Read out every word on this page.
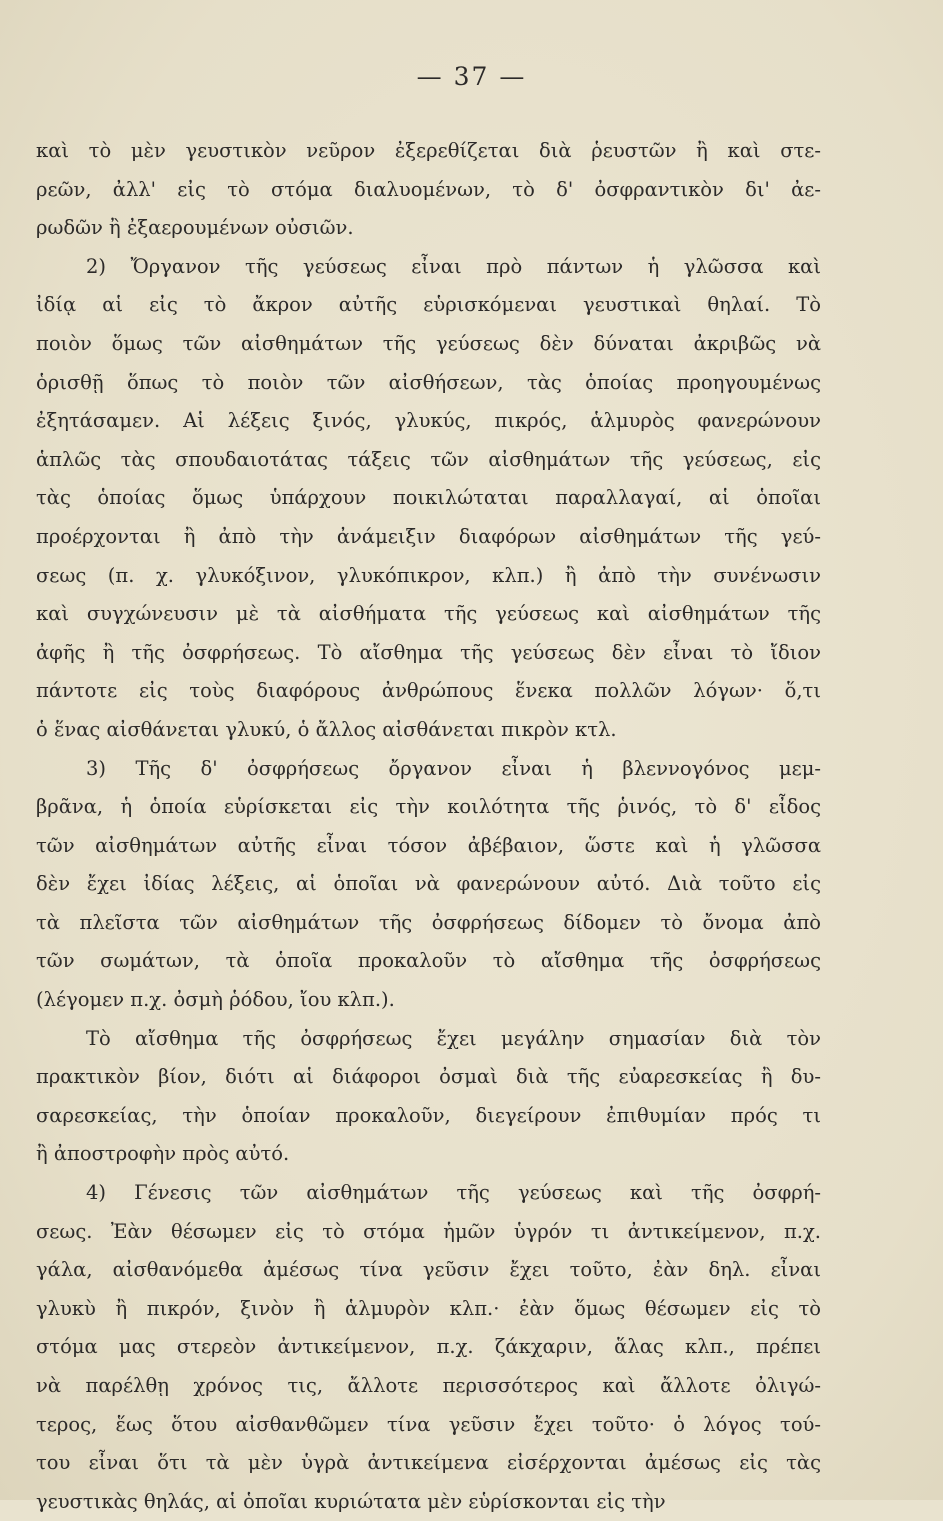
— 37 —
καὶ τὸ μὲν γευστικὸν νεῦρον ἐξερεθίζεται διὰ ῥευστῶν ἢ καὶ στε-
ρεῶν, ἀλλ' εἰς τὸ στόμα διαλυομένων, τὸ δ' ὀσφραντικὸν δι' ἀε-
ρωδῶν ἢ ἐξαερουμένων οὐσιῶν.
2) Ὄργανον τῆς γεύσεως εἶναι πρὸ πάντων ἡ γλῶσσα καὶ
ἰδίᾳ αἱ εἰς τὸ ἄκρον αὐτῆς εὑρισκόμεναι γευστικαὶ θηλαί. Τὸ
ποιὸν ὅμως τῶν αἰσθημάτων τῆς γεύσεως δὲν δύναται ἀκριβῶς νὰ
ὁρισθῇ ὅπως τὸ ποιὸν τῶν αἰσθήσεων, τὰς ὁποίας προηγουμένως
ἐξητάσαμεν. Αἱ λέξεις ξινός, γλυκύς, πικρός, ἁλμυρὸς φανερώνουν
ἁπλῶς τὰς σπουδαιοτάτας τάξεις τῶν αἰσθημάτων τῆς γεύσεως, εἰς
τὰς ὁποίας ὅμως ὑπάρχουν ποικιλώταται παραλλαγαί, αἱ ὁποῖαι
προέρχονται ἢ ἀπὸ τὴν ἀνάμειξιν διαφόρων αἰσθημάτων τῆς γεύ-
σεως (π. χ. γλυκόξινον, γλυκόπικρον, κλπ.) ἢ ἀπὸ τὴν συνένωσιν
καὶ συγχώνευσιν μὲ τὰ αἰσθήματα τῆς γεύσεως καὶ αἰσθημάτων τῆς
ἀφῆς ἢ τῆς ὀσφρήσεως. Τὸ αἴσθημα τῆς γεύσεως δὲν εἶναι τὸ ἴδιον
πάντοτε εἰς τοὺς διαφόρους ἀνθρώπους ἕνεκα πολλῶν λόγων· ὅ,τι
ὁ ἕνας αἰσθάνεται γλυκύ, ὁ ἄλλος αἰσθάνεται πικρὸν κτλ.
3) Τῆς δ' ὀσφρήσεως ὄργανον εἶναι ἡ βλεννογόνος μεμ-
βρᾶνα, ἡ ὁποία εὑρίσκεται εἰς τὴν κοιλότητα τῆς ῥινός, τὸ δ' εἶδος
τῶν αἰσθημάτων αὐτῆς εἶναι τόσον ἀβέβαιον, ὥστε καὶ ἡ γλῶσσα
δὲν ἔχει ἰδίας λέξεις, αἱ ὁποῖαι νὰ φανερώνουν αὐτό. Διὰ τοῦτο εἰς
τὰ πλεῖστα τῶν αἰσθημάτων τῆς ὀσφρήσεως δίδομεν τὸ ὄνομα ἀπὸ
τῶν σωμάτων, τὰ ὁποῖα προκαλοῦν τὸ αἴσθημα τῆς ὀσφρήσεως
(λέγομεν π.χ. ὀσμὴ ῥόδου, ἴου κλπ.).
Τὸ αἴσθημα τῆς ὀσφρήσεως ἔχει μεγάλην σημασίαν διὰ τὸν
πρακτικὸν βίον, διότι αἱ διάφοροι ὀσμαὶ διὰ τῆς εὐαρεσκείας ἢ δυ-
σαρεσκείας, τὴν ὁποίαν προκαλοῦν, διεγείρουν ἐπιθυμίαν πρός τι
ἢ ἀποστροφὴν πρὸς αὐτό.
4) Γένεσις τῶν αἰσθημάτων τῆς γεύσεως καὶ τῆς ὀσφρή-
σεως. Ἐὰν θέσωμεν εἰς τὸ στόμα ἡμῶν ὑγρόν τι ἀντικείμενον, π.χ.
γάλα, αἰσθανόμεθα ἀμέσως τίνα γεῦσιν ἔχει τοῦτο, ἐὰν δηλ. εἶναι
γλυκὺ ἢ πικρόν, ξινὸν ἢ ἁλμυρὸν κλπ.· ἐὰν ὅμως θέσωμεν εἰς τὸ
στόμα μας στερεὸν ἀντικείμενον, π.χ. ζάκχαριν, ἅλας κλπ., πρέπει
νὰ παρέλθῃ χρόνος τις, ἄλλοτε περισσότερος καὶ ἄλλοτε ὀλιγώ-
τερος, ἕως ὅτου αἰσθανθῶμεν τίνα γεῦσιν ἔχει τοῦτο· ὁ λόγος τού-
του εἶναι ὅτι τὰ μὲν ὑγρὰ ἀντικείμενα εἰσέρχονται ἀμέσως εἰς τὰς
γευστικὰς θηλάς, αἱ ὁποῖαι κυριώτατα μὲν εὑρίσκονται εἰς τὴν
